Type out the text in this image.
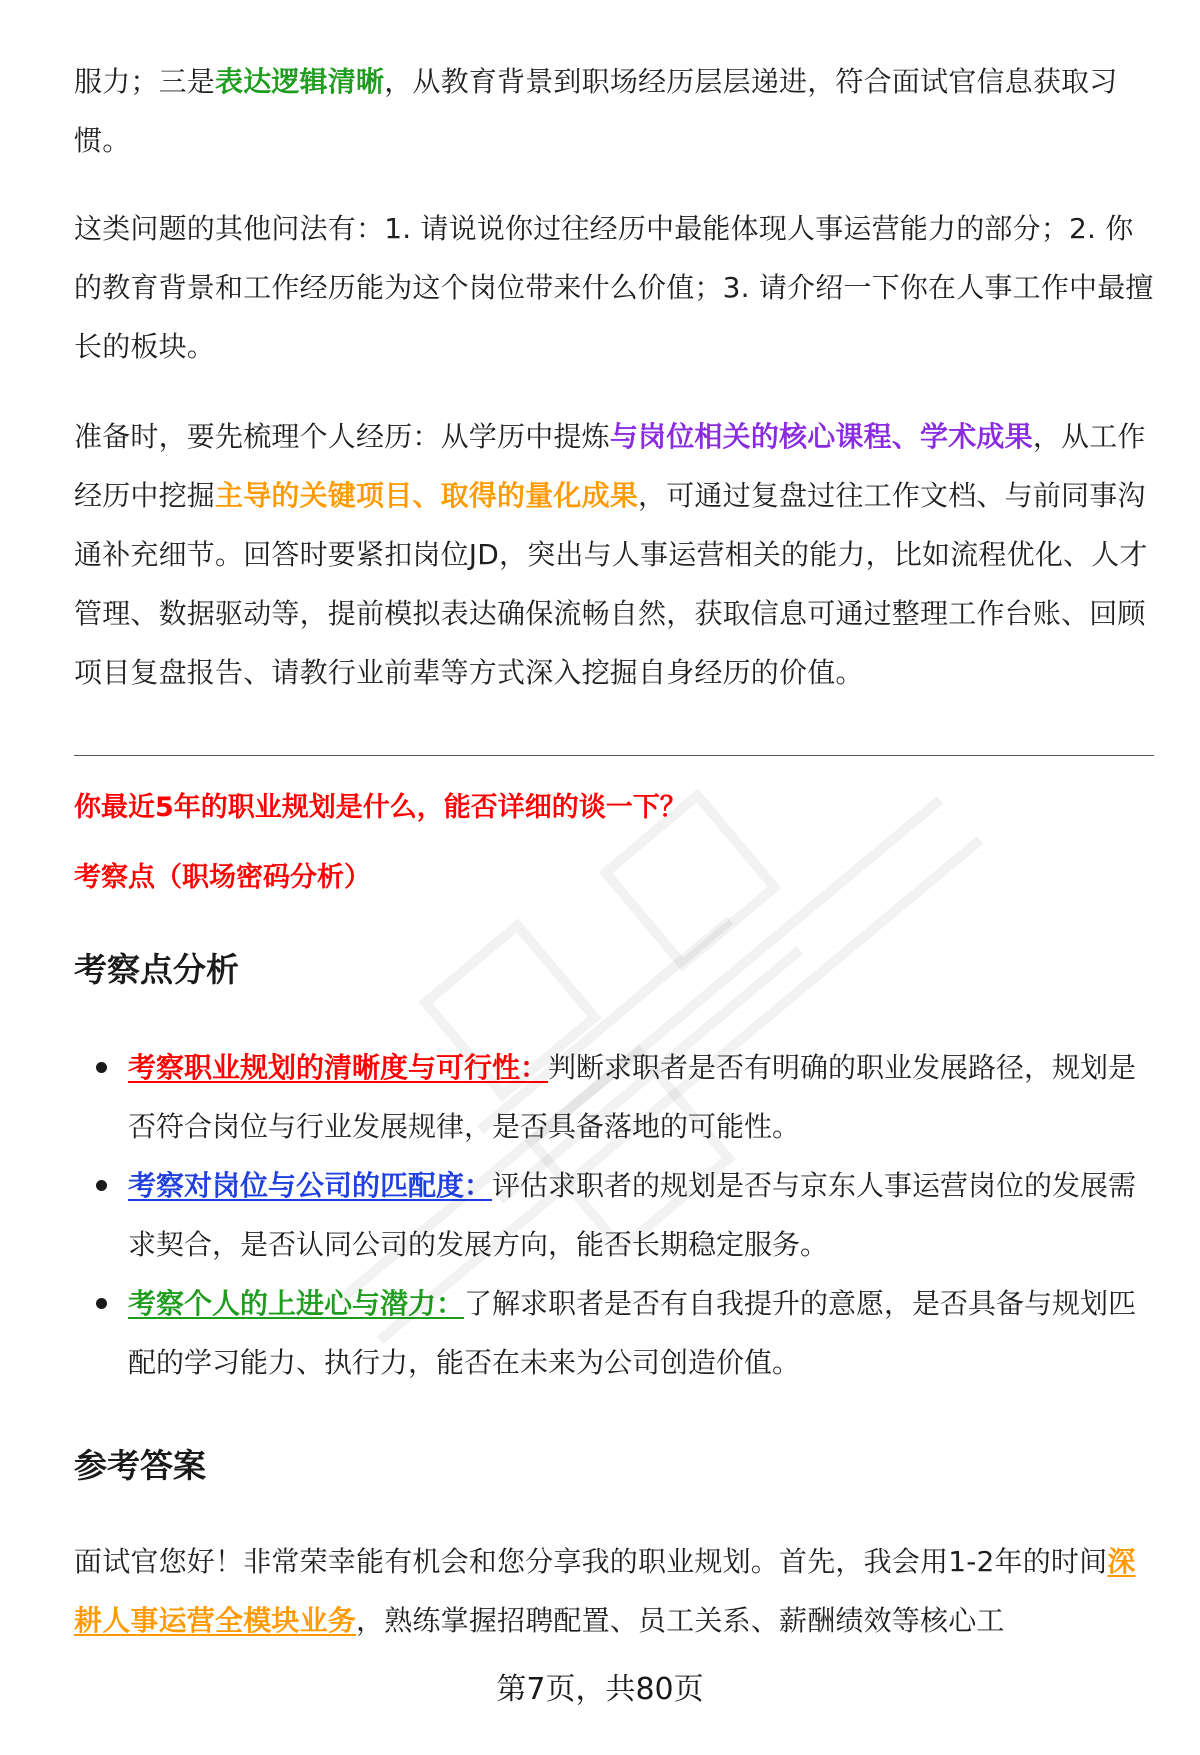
服力；三是表达逻辑清晰，从教育背景到职场经历层层递进，符合面试官信息获取习惯。

这类问题的其他问法有：1. 请说说你过往经历中最能体现人事运营能力的部分；2. 你的教育背景和工作经历能为这个岗位带来什么价值；3. 请介绍一下你在人事工作中最擅长的板块。

准备时，要先梳理个人经历：从学历中提炼与岗位相关的核心课程、学术成果，从工作经历中挖掘主导的关键项目、取得的量化成果，可通过复盘过往工作文档、与前同事沟通补充细节。回答时要紧扣岗位JD，突出与人事运营相关的能力，比如流程优化、人才管理、数据驱动等，提前模拟表达确保流畅自然，获取信息可通过整理工作台账、回顾项目复盘报告、请教行业前辈等方式深入挖掘自身经历的价值。

你最近5年的职业规划是什么，能否详细的谈一下？

考察点（职场密码分析）

考察点分析
考察职业规划的清晰度与可行性：判断求职者是否有明确的职业发展路径，规划是否符合岗位与行业发展规律，是否具备落地的可能性。
考察对岗位与公司的匹配度：评估求职者的规划是否与京东人事运营岗位的发展需求契合，是否认同公司的发展方向，能否长期稳定服务。
考察个人的上进心与潜力：了解求职者是否有自我提升的意愿，是否具备与规划匹配的学习能力、执行力，能否在未来为公司创造价值。
参考答案

面试官您好！非常荣幸能有机会和您分享我的职业规划。首先，我会用1-2年的时间深耕人事运营全模块业务，熟练掌握招聘配置、员工关系、薪酬绩效等核心工

第7页，共80页
